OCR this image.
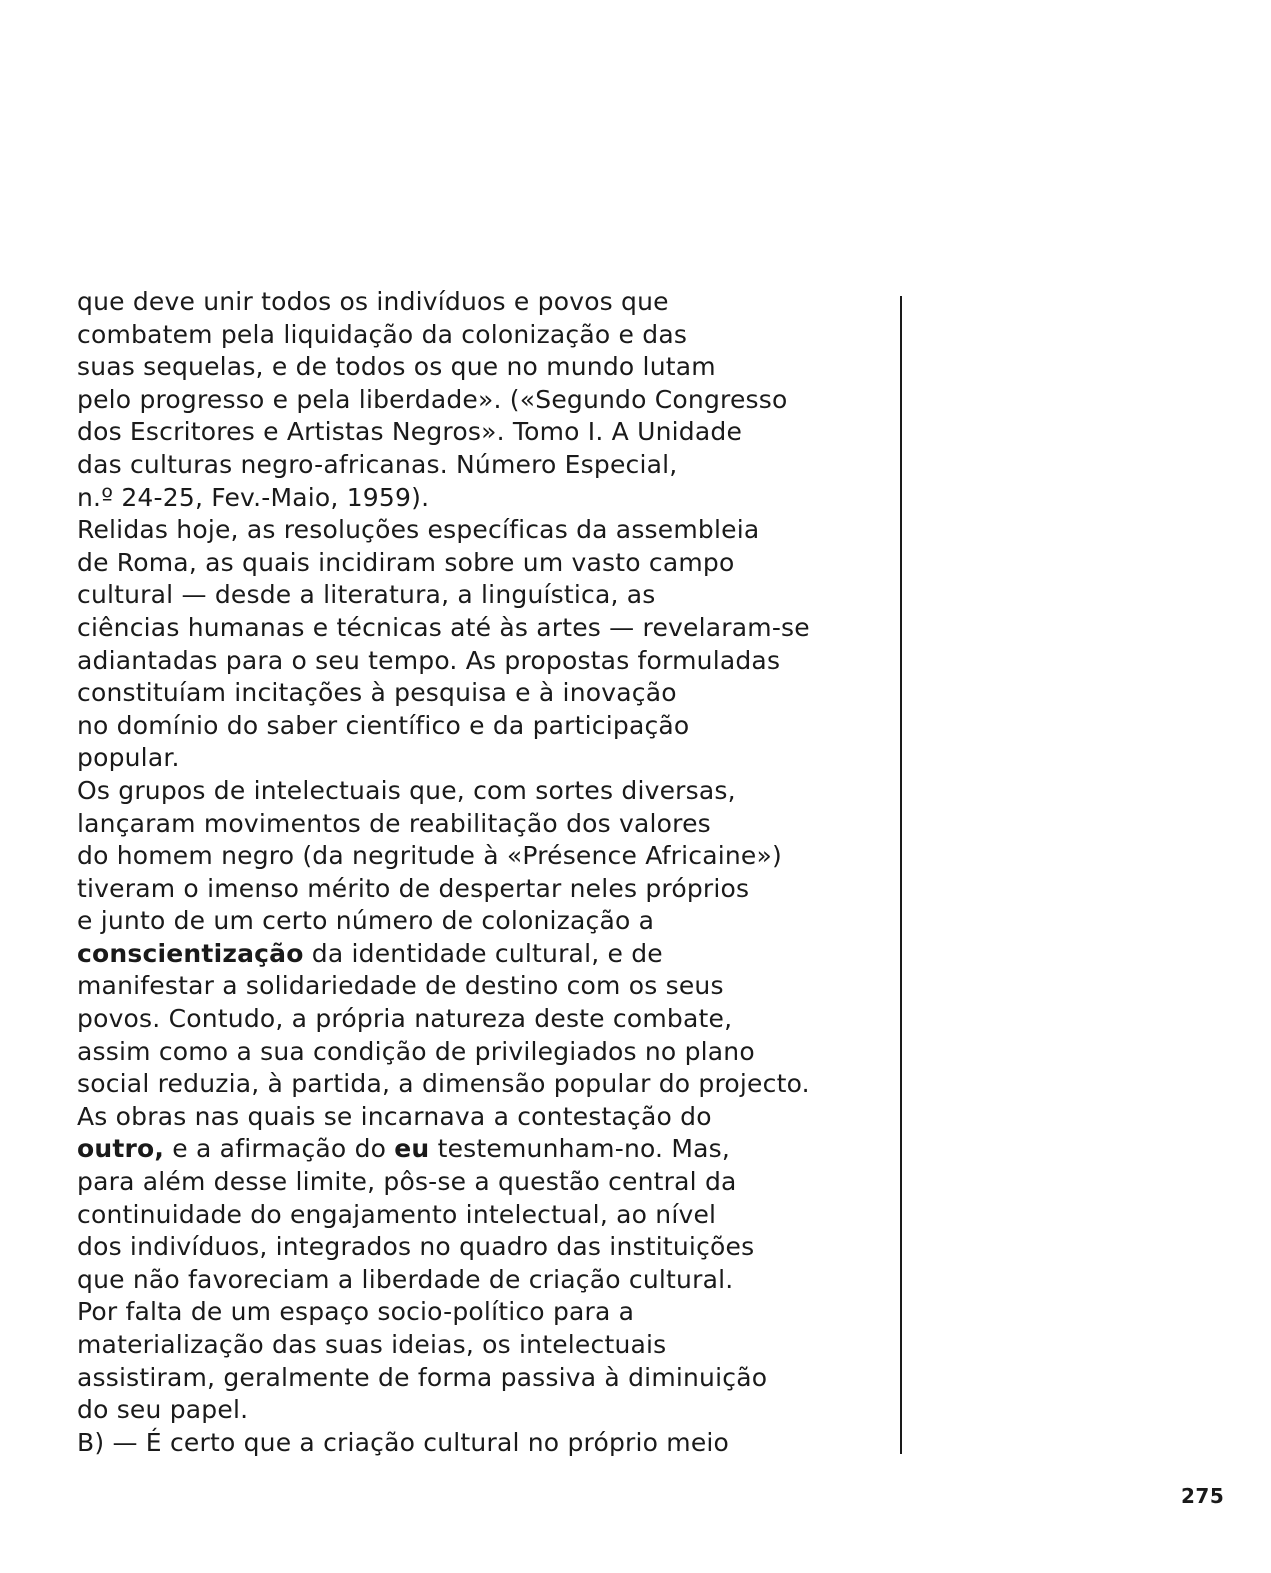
que deve unir todos os indivíduos e povos que
combatem pela liquidação da colonização e das
suas sequelas, e de todos os que no mundo lutam
pelo progresso e pela liberdade». («Segundo Congresso
dos Escritores e Artistas Negros». Tomo I. A Unidade
das culturas negro-africanas. Número Especial,
n.º 24-25, Fev.-Maio, 1959).
Relidas hoje, as resoluções específicas da assembleia
de Roma, as quais incidiram sobre um vasto campo
cultural — desde a literatura, a linguística, as
ciências humanas e técnicas até às artes — revelaram-se
adiantadas para o seu tempo. As propostas formuladas
constituíam incitações à pesquisa e à inovação
no domínio do saber científico e da participação
popular.
Os grupos de intelectuais que, com sortes diversas,
lançaram movimentos de reabilitação dos valores
do homem negro (da negritude à «Présence Africaine»)
tiveram o imenso mérito de despertar neles próprios
e junto de um certo número de colonização a
conscientização da identidade cultural, e de
manifestar a solidariedade de destino com os seus
povos. Contudo, a própria natureza deste combate,
assim como a sua condição de privilegiados no plano
social reduzia, à partida, a dimensão popular do projecto.
As obras nas quais se incarnava a contestação do
outro, e a afirmação do eu testemunham-no. Mas,
para além desse limite, pôs-se a questão central da
continuidade do engajamento intelectual, ao nível
dos indivíduos, integrados no quadro das instituições
que não favoreciam a liberdade de criação cultural.
Por falta de um espaço socio-político para a
materialização das suas ideias, os intelectuais
assistiram, geralmente de forma passiva à diminuição
do seu papel.
B) — É certo que a criação cultural no próprio meio
275
